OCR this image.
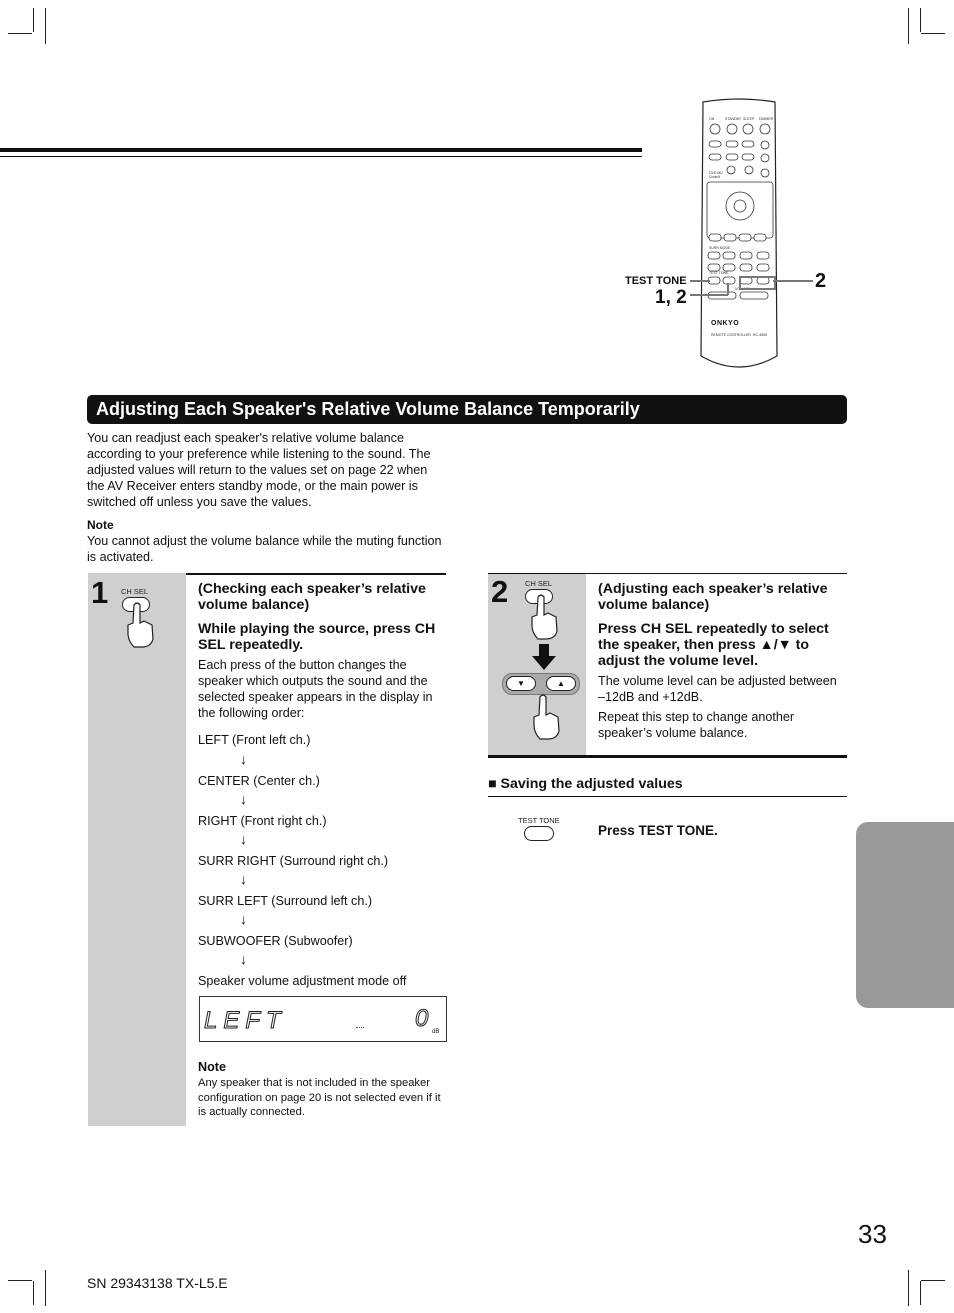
ON	STANDBY SLEEP DIMMER
DVD MD
Control
SURR MODE
TEST TONE
VOLUME
REMOTE CONTROLLER RC-455S
ONKYO
TEST TONE
1, 2
2
Adjusting Each Speaker's Relative Volume Balance Temporarily
You can readjust each speaker's relative volume balance according to your preference while listening to the sound. The adjusted values will return to the values set on page 22 when the AV Receiver enters standby mode, or the main power is switched off unless you save the values.
Note
You cannot adjust the volume balance while the muting function is activated.
1 CH SEL	(Checking each speaker’s relative volume balance)
While playing the source, press CH SEL repeatedly.
Each press of the button changes the speaker which outputs the sound and the selected speaker appears in the display in the following order:
LEFT (Front left ch.)
↓
CENTER (Center ch.)
↓
RIGHT (Front right ch.)
↓
SURR RIGHT (Surround right ch.)
↓
SURR LEFT (Surround left ch.)
↓
SUBWOOFER (Subwoofer)
↓
Speaker volume adjustment mode off
LEFT	0 dB
Note
Any speaker that is not included in the speaker configuration on page 20 is not selected even if it is actually connected.
2 CH SEL
▼	▲
(Adjusting each speaker’s relative volume balance)
Press CH SEL repeatedly to select the speaker, then press ▲/▼ to adjust the volume level.
The volume level can be adjusted between –12dB and +12dB.
Repeat this step to change another speaker’s volume balance.
■ Saving the adjusted values
TEST TONE
Press TEST TONE.
33
SN 29343138 TX-L5.E
